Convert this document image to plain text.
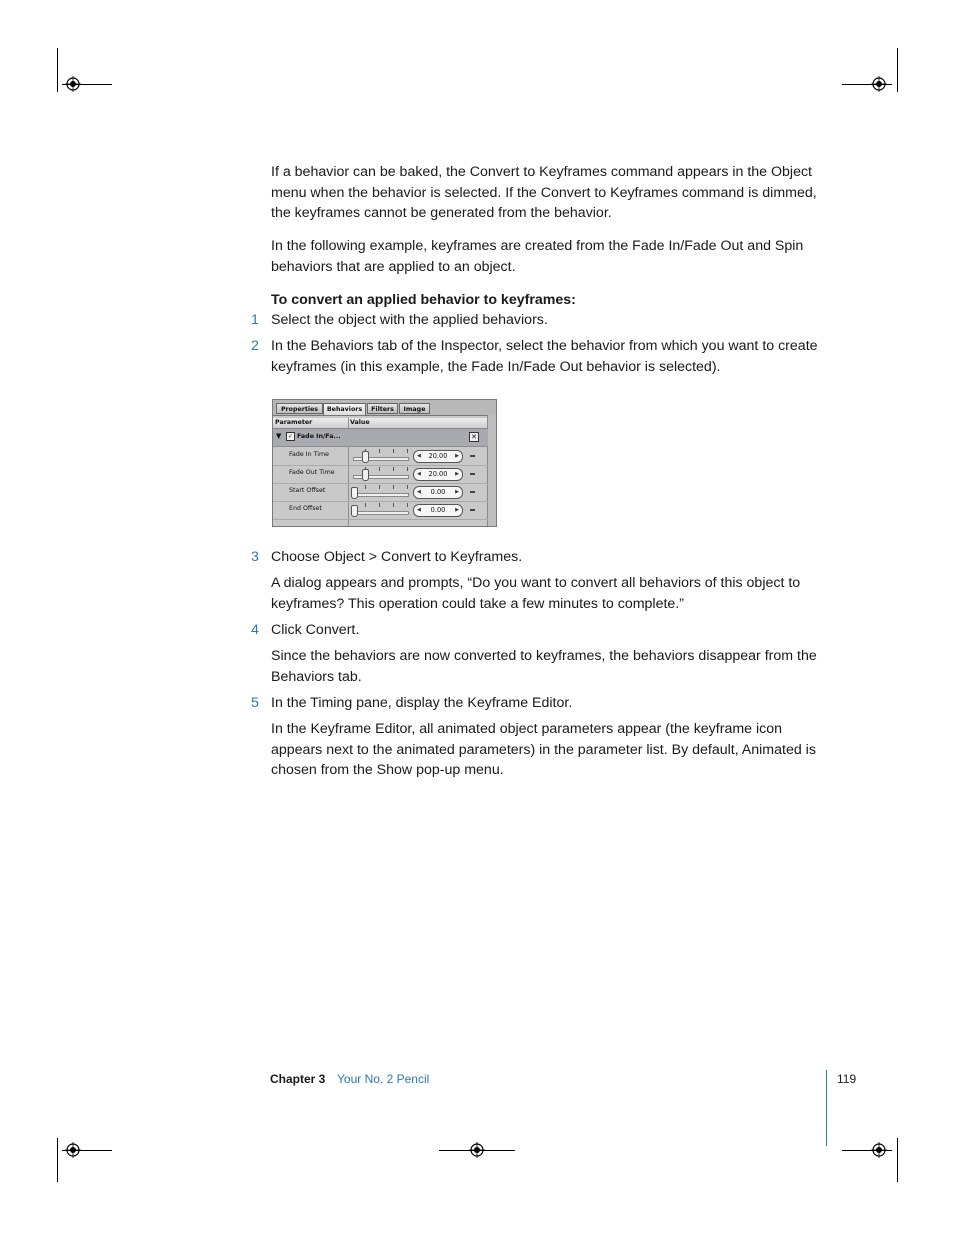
If a behavior can be baked, the Convert to Keyframes command appears in the Object menu when the behavior is selected. If the Convert to Keyframes command is dimmed, the keyframes cannot be generated from the behavior.

In the following example, keyframes are created from the Fade In/Fade Out and Spin behaviors that are applied to an object.

To convert an applied behavior to keyframes:

1 Select the object with the applied behaviors.

2 In the Behaviors tab of the Inspector, select the behavior from which you want to create keyframes (in this example, the Fade In/Fade Out behavior is selected).

Properties	Behaviors	Filters	Image
Parameter	Value
▼	✓ Fade In/Fa...	✕
Fade In Time	◀ 20.00 ▶
Fade Out Time	◀ 20.00 ▶
Start Offset	◀ 0.00 ▶
End Offset	◀ 0.00 ▶
3 Choose Object > Convert to Keyframes.

A dialog appears and prompts, “Do you want to convert all behaviors of this object to keyframes? This operation could take a few minutes to complete.”

4 Click Convert.

Since the behaviors are now converted to keyframes, the behaviors disappear from the Behaviors tab.

5 In the Timing pane, display the Keyframe Editor.

In the Keyframe Editor, all animated object parameters appear (the keyframe icon appears next to the animated parameters) in the parameter list. By default, Animated is chosen from the Show pop-up menu.

Chapter 3 Your No. 2 Pencil	119
